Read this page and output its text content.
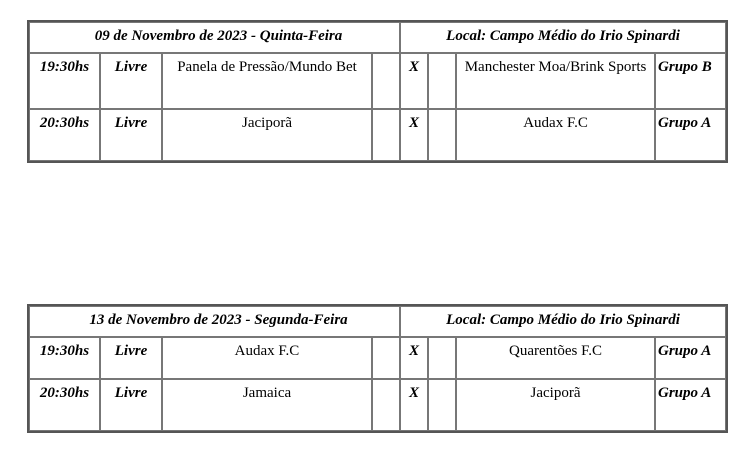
09 de Novembro de 2023 - Quinta-Feira				Local: Campo Médio do Irio Spinardi			
19:30hs	Livre	Panela de Pressão/Mundo Bet		X		Manchester Moa/Brink Sports	Grupo B
20:30hs	Livre	Jaciporã		X		Audax F.C	Grupo A
13 de Novembro de 2023 - Segunda-Feira				Local: Campo Médio do Irio Spinardi			
19:30hs	Livre	Audax F.C		X		Quarentões F.C	Grupo A
20:30hs	Livre	Jamaica		X		Jaciporã	Grupo A
